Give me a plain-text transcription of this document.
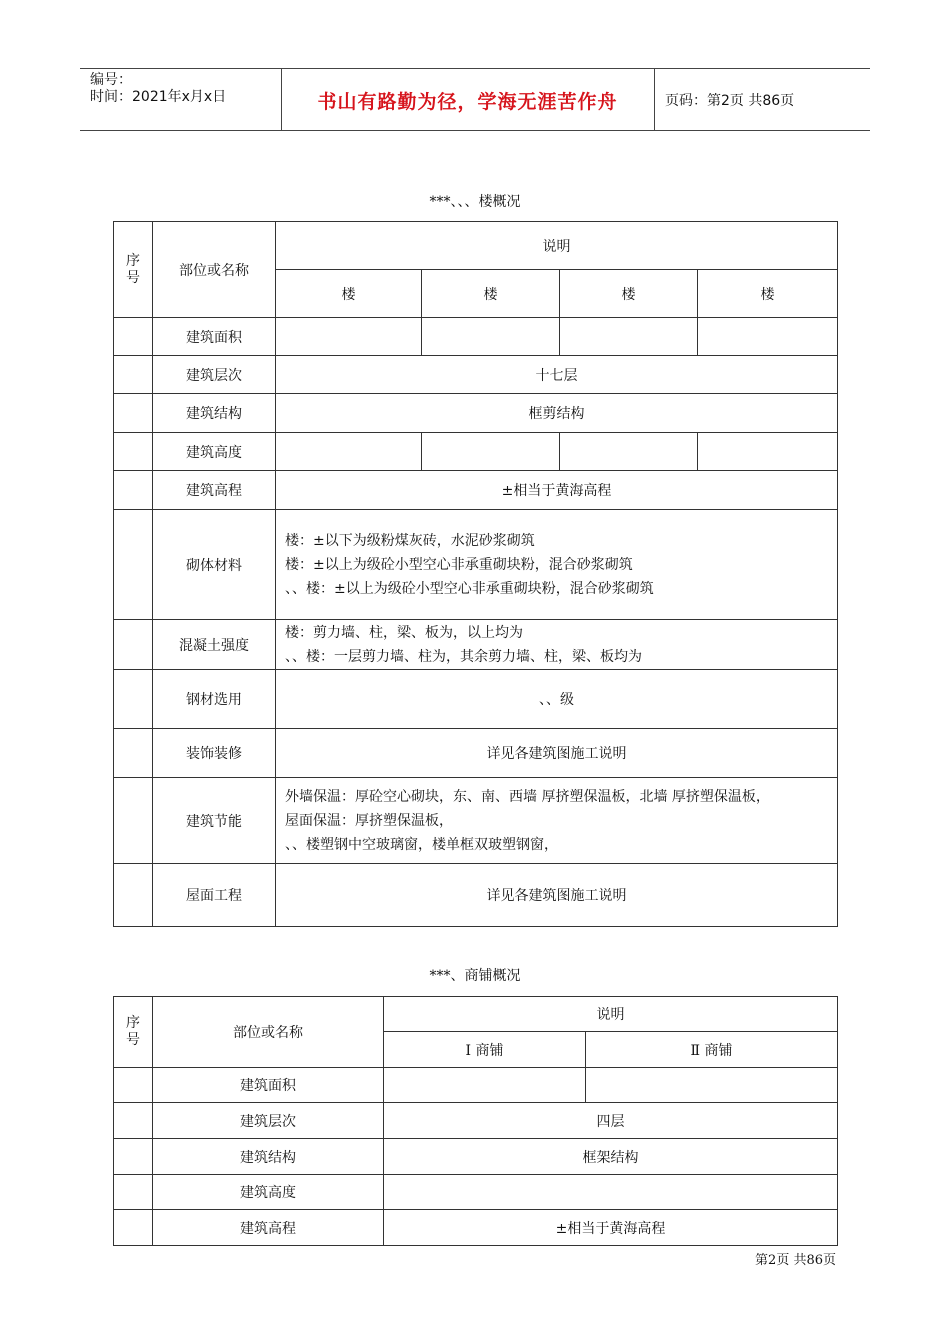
编号：
时间：2021年x月x日	书山有路勤为径，学海无涯苦作舟	页码：第2页 共86页
***、、、楼概况
序
号	部位或名称	说明			
		楼	楼	楼	楼
	建筑面积				
	建筑层次	十七层			
	建筑结构	框剪结构			
	建筑高度				
	建筑高程	±相当于黄海高程			
	砌体材料	楼：±以下为级粉煤灰砖，水泥砂浆砌筑
楼：±以上为级砼小型空心非承重砌块粉，混合砂浆砌筑
、、楼：±以上为级砼小型空心非承重砌块粉，混合砂浆砌筑			

	混凝土强度	楼：剪力墙、柱，梁、板为，以上均为
、、楼：一层剪力墙、柱为，其余剪力墙、柱，梁、板均为			

	钢材选用	、、级			
	装饰装修	详见各建筑图施工说明			
	建筑节能	外墙保温：厚砼空心砌块，东、南、西墙 厚挤塑保温板，北墙 厚挤塑保温板，
屋面保温：厚挤塑保温板，
、、楼塑钢中空玻璃窗，楼单框双玻塑钢窗，			

	屋面工程	详见各建筑图施工说明			
***、商铺概况
序
号	部位或名称	说明	
		Ⅰ 商铺	Ⅱ 商铺
	建筑面积		
	建筑层次	四层	
	建筑结构	框架结构	
	建筑高度		
	建筑高程	±相当于黄海高程	
第2页 共86页
